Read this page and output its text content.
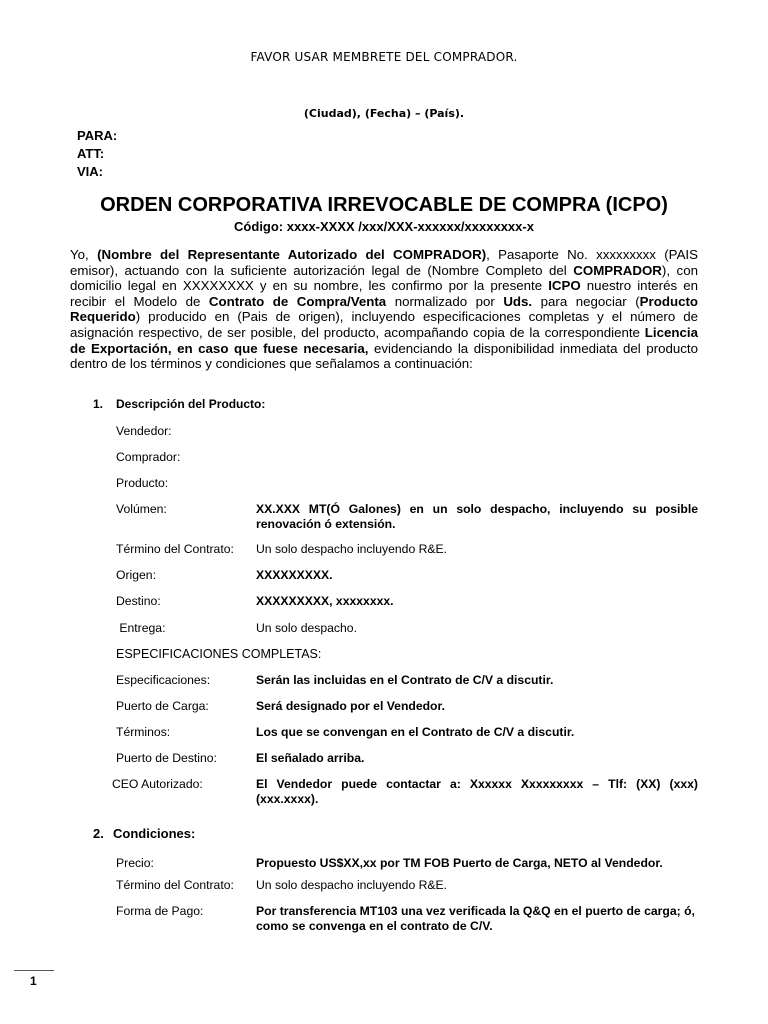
FAVOR USAR MEMBRETE DEL COMPRADOR.
(Ciudad), (Fecha) – (País).
PARA:
ATT:
VIA:
ORDEN CORPORATIVA IRREVOCABLE DE COMPRA (ICPO)
Código: xxxx-XXXX /xxx/XXX-xxxxxx/xxxxxxxx-x
Yo, (Nombre del Representante Autorizado del COMPRADOR), Pasaporte No. xxxxxxxxx (PAIS emisor), actuando con la suficiente autorización legal de (Nombre Completo del COMPRADOR), con domicilio legal en XXXXXXXX y en su nombre, les confirmo por la presente ICPO nuestro interés en recibir el Modelo de Contrato de Compra/Venta normalizado por Uds. para negociar (Producto Requerido) producido en (Pais de origen), incluyendo especificaciones completas y el número de asignación respectivo, de ser posible, del producto, acompañando copia de la correspondiente Licencia de Exportación, en caso que fuese necesaria, evidenciando la disponibilidad inmediata del producto dentro de los términos y condiciones que señalamos a continuación:
1. Descripción del Producto:
Vendedor:
Comprador:
Producto:
Volúmen:	XX.XXX MT(Ó Galones) en un solo despacho, incluyendo su posible renovación ó extensión.
Término del Contrato: Un solo despacho incluyendo R&E.
Origen:	XXXXXXXXX.
Destino:	XXXXXXXXX, xxxxxxxx.
Entrega:	Un solo despacho.
ESPECIFICACIONES COMPLETAS:
Especificaciones:	Serán las incluidas en el Contrato de C/V a discutir.
Puerto de Carga:	Será designado por el Vendedor.
Términos:	Los que se convengan en el Contrato de C/V a discutir.
Puerto de Destino:	El señalado arriba.
CEO Autorizado:	El Vendedor puede contactar a: Xxxxxx Xxxxxxxxx – Tlf: (XX) (xxx) (xxx.xxxx).
2. Condiciones:
Precio:	Propuesto US$XX,xx por TM FOB Puerto de Carga, NETO al Vendedor.
Término del Contrato: Un solo despacho incluyendo R&E.
Forma de Pago:	Por transferencia MT103 una vez verificada la Q&Q en el puerto de carga; ó, como se convenga en el contrato de C/V.
1
